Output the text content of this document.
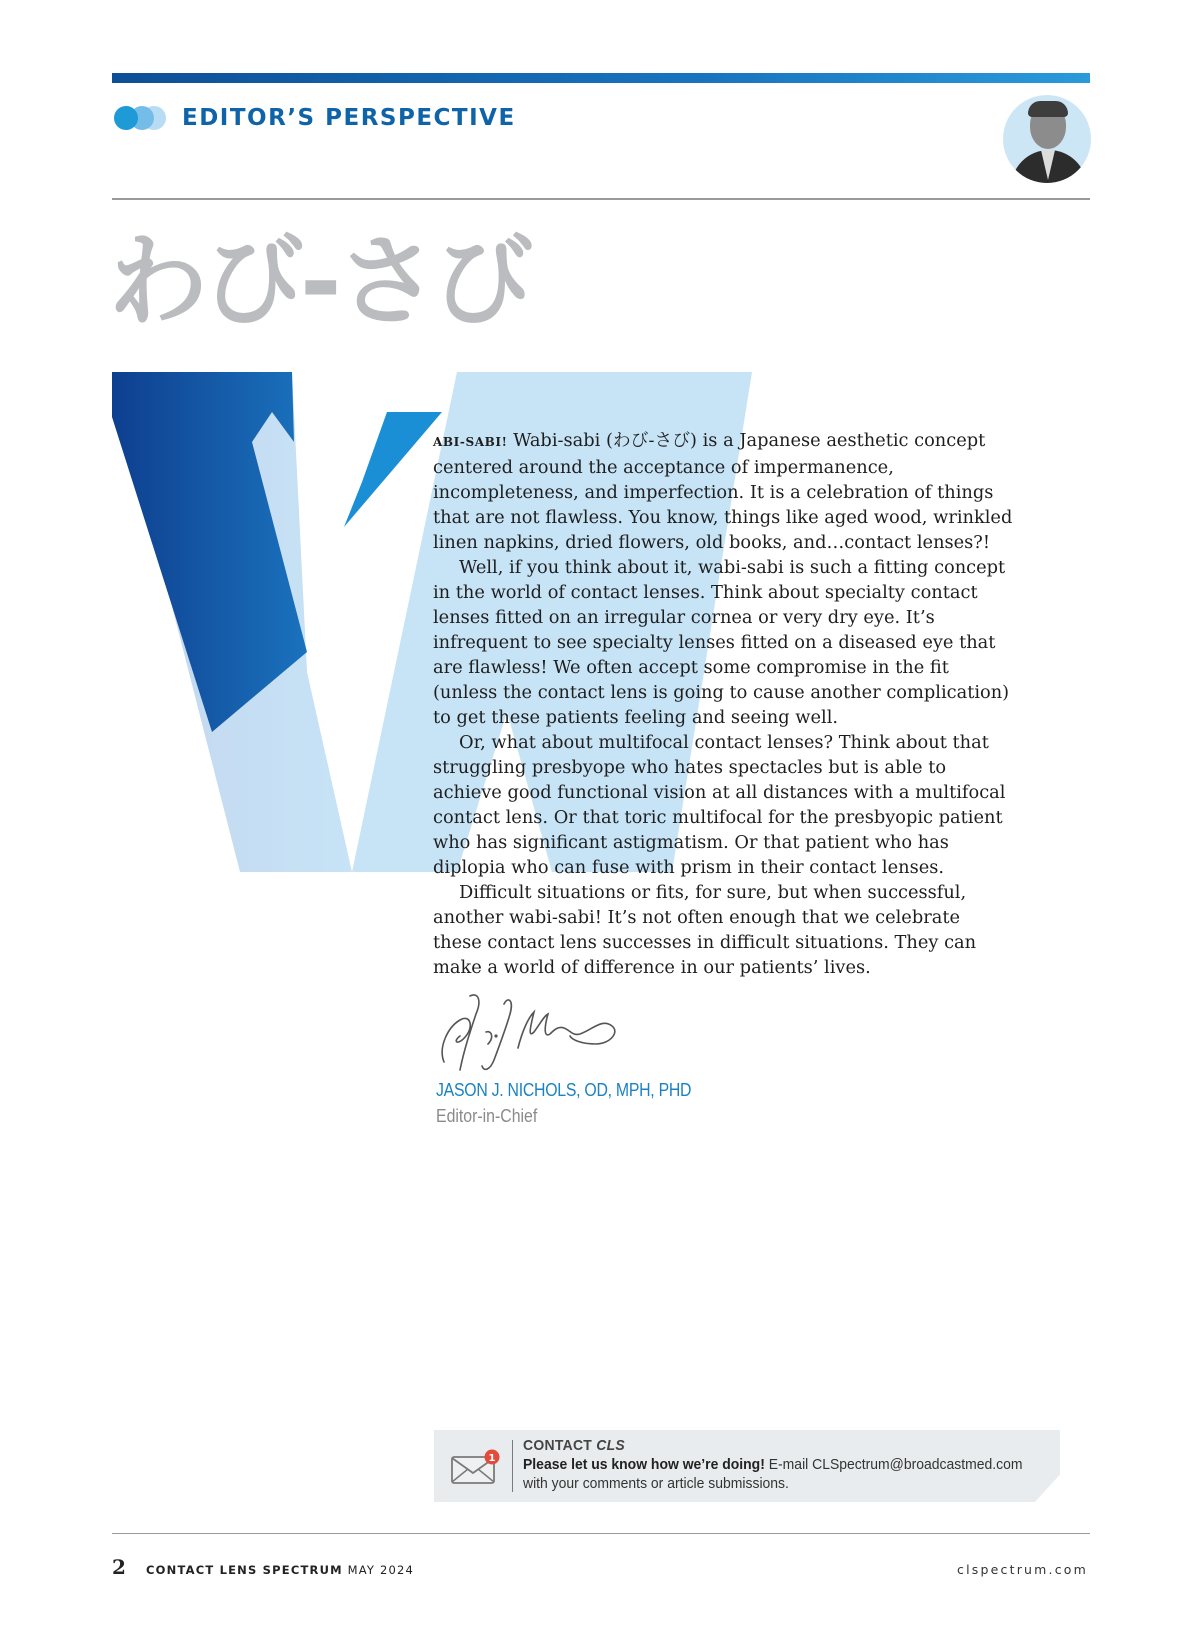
EDITOR’S PERSPECTIVE
わび-さび

ABI-SABI! Wabi-sabi (わび-さび) is a Japanese aesthetic concept centered around the acceptance of impermanence, incompleteness, and imperfection. It is a celebration of things that are not flawless. You know, things like aged wood, wrinkled linen napkins, dried flowers, old books, and…contact lenses?!

Well, if you think about it, wabi-sabi is such a fitting concept in the world of contact lenses. Think about specialty contact lenses fitted on an irregular cornea or very dry eye. It’s infrequent to see specialty lenses fitted on a diseased eye that are flawless! We often accept some compromise in the fit (unless the contact lens is going to cause another complication) to get these patients feeling and seeing well.

Or, what about multifocal contact lenses? Think about that struggling presbyope who hates spectacles but is able to achieve good functional vision at all distances with a multifocal contact lens. Or that toric multifocal for the presbyopic patient who has significant astigmatism. Or that patient who has diplopia who can fuse with prism in their contact lenses.

Difficult situations or fits, for sure, but when successful, another wabi-sabi! It’s not often enough that we celebrate these contact lens successes in difficult situations. They can make a world of difference in our patients’ lives.

JASON J. NICHOLS, OD, MPH, PHD
Editor-in-Chief
1
CONTACT CLS
Please let us know how we’re doing! E-mail CLSpectrum@broadcastmed.com
with your comments or article submissions.
2 CONTACT LENS SPECTRUM MAY 2024	clspectrum.com
